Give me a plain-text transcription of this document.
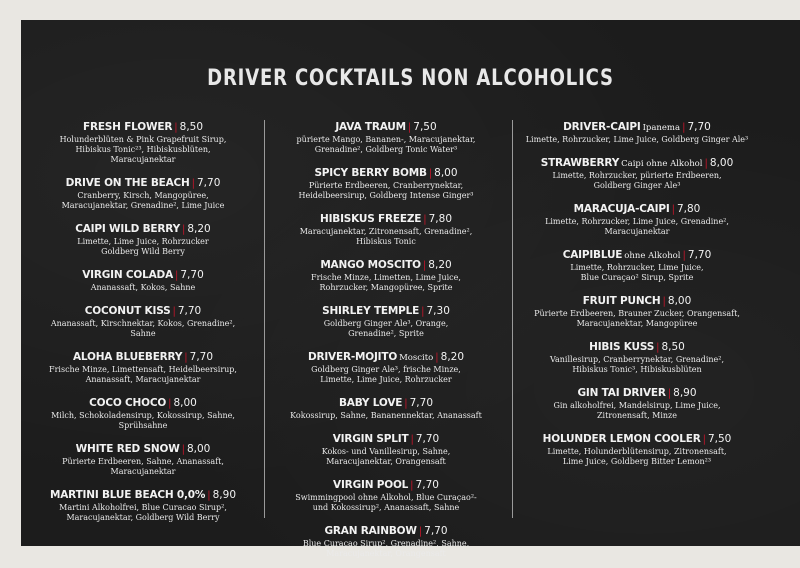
DRIVER COCKTAILS NON ALCOHOLICS
FRESH FLOWER | 8,50
Holunderblüten & Pink Grapefruit Sirup,
Hibiskus Tonic²³, Hibiskusblüten,
Maracujanektar
DRIVE ON THE BEACH | 7,70
Cranberry, Kirsch, Mangopüree,
Maracujanektar, Grenadine², Lime Juice
CAIPI WILD BERRY | 8,20
Limette, Lime Juice, Rohrzucker
Goldberg Wild Berry
VIRGIN COLADA | 7,70
Ananassaft, Kokos, Sahne
COCONUT KISS | 7,70
Ananassaft, Kirschnektar, Kokos, Grenadine²,
Sahne
ALOHA BLUEBERRY | 7,70
Frische Minze, Limettensaft, Heidelbeersirup,
Ananassaft, Maracujanektar
COCO CHOCO | 8,00
Milch, Schokoladensirup, Kokossirup, Sahne,
Sprühsahne
WHITE RED SNOW | 8,00
Pürierte Erdbeeren, Sahne, Ananassaft,
Maracujanektar
MARTINI BLUE BEACH 0,0% | 8,90
Martini Alkoholfrei, Blue Curacao Sirup²,
Maracujanektar, Goldberg Wild Berry
JAVA TRAUM | 7,50
pürierte Mango, Bananen-, Maracujanektar,
Grenadine², Goldberg Tonic Water³
SPICY BERRY BOMB | 8,00
Pürierte Erdbeeren, Cranberrynektar,
Heidelbeersirup, Goldberg Intense Ginger³
HIBISKUS FREEZE | 7,80
Maracujanektar, Zitronensaft, Grenadine²,
Hibiskus Tonic
MANGO MOSCITO | 8,20
Frische Minze, Limetten, Lime Juice,
Rohrzucker, Mangopüree, Sprite
SHIRLEY TEMPLE | 7,30
Goldberg Ginger Ale³, Orange,
Grenadine², Sprite
DRIVER-MOJITO Moscito | 8,20
Goldberg Ginger Ale³, frische Minze,
Limette, Lime Juice, Rohrzucker
BABY LOVE | 7,70
Kokossirup, Sahne, Bananennektar, Ananassaft
VIRGIN SPLIT | 7,70
Kokos- und Vanillesirup, Sahne,
Maracujanektar, Orangensaft
VIRGIN POOL | 7,70
Swimmingpool ohne Alkohol, Blue Curaçao²-
und Kokossirup², Ananassaft, Sahne
GRAN RAINBOW | 7,70
Blue Curaçao Sirup², Grenadine², Sahne,
Maracujanektar, Orangensaft
DRIVER-CAIPI Ipanema | 7,70
Limette, Rohrzucker, Lime Juice, Goldberg Ginger Ale³
STRAWBERRY Caipi ohne Alkohol | 8,00
Limette, Rohrzucker, pürierte Erdbeeren,
Goldberg Ginger Ale³
MARACUJA-CAIPI | 7,80
Limette, Rohrzucker, Lime Juice, Grenadine²,
Maracujanektar
CAIPIBLUE ohne Alkohol | 7,70
Limette, Rohrzucker, Lime Juice,
Blue Curaçao² Sirup, Sprite
FRUIT PUNCH | 8,00
Pürierte Erdbeeren, Brauner Zucker, Orangensaft,
Maracujanektar, Mangopüree
HIBIS KUSS | 8,50
Vanillesirup, Cranberrynektar, Grenadine²,
Hibiskus Tonic³, Hibiskusblüten
GIN TAI DRIVER | 8,90
Gin alkoholfrei, Mandelsirup, Lime Juice,
Zitronensaft, Minze
HOLUNDER LEMON COOLER | 7,50
Limette, Holunderblütensirup, Zitronensaft,
Lime Juice, Goldberg Bitter Lemon²³
